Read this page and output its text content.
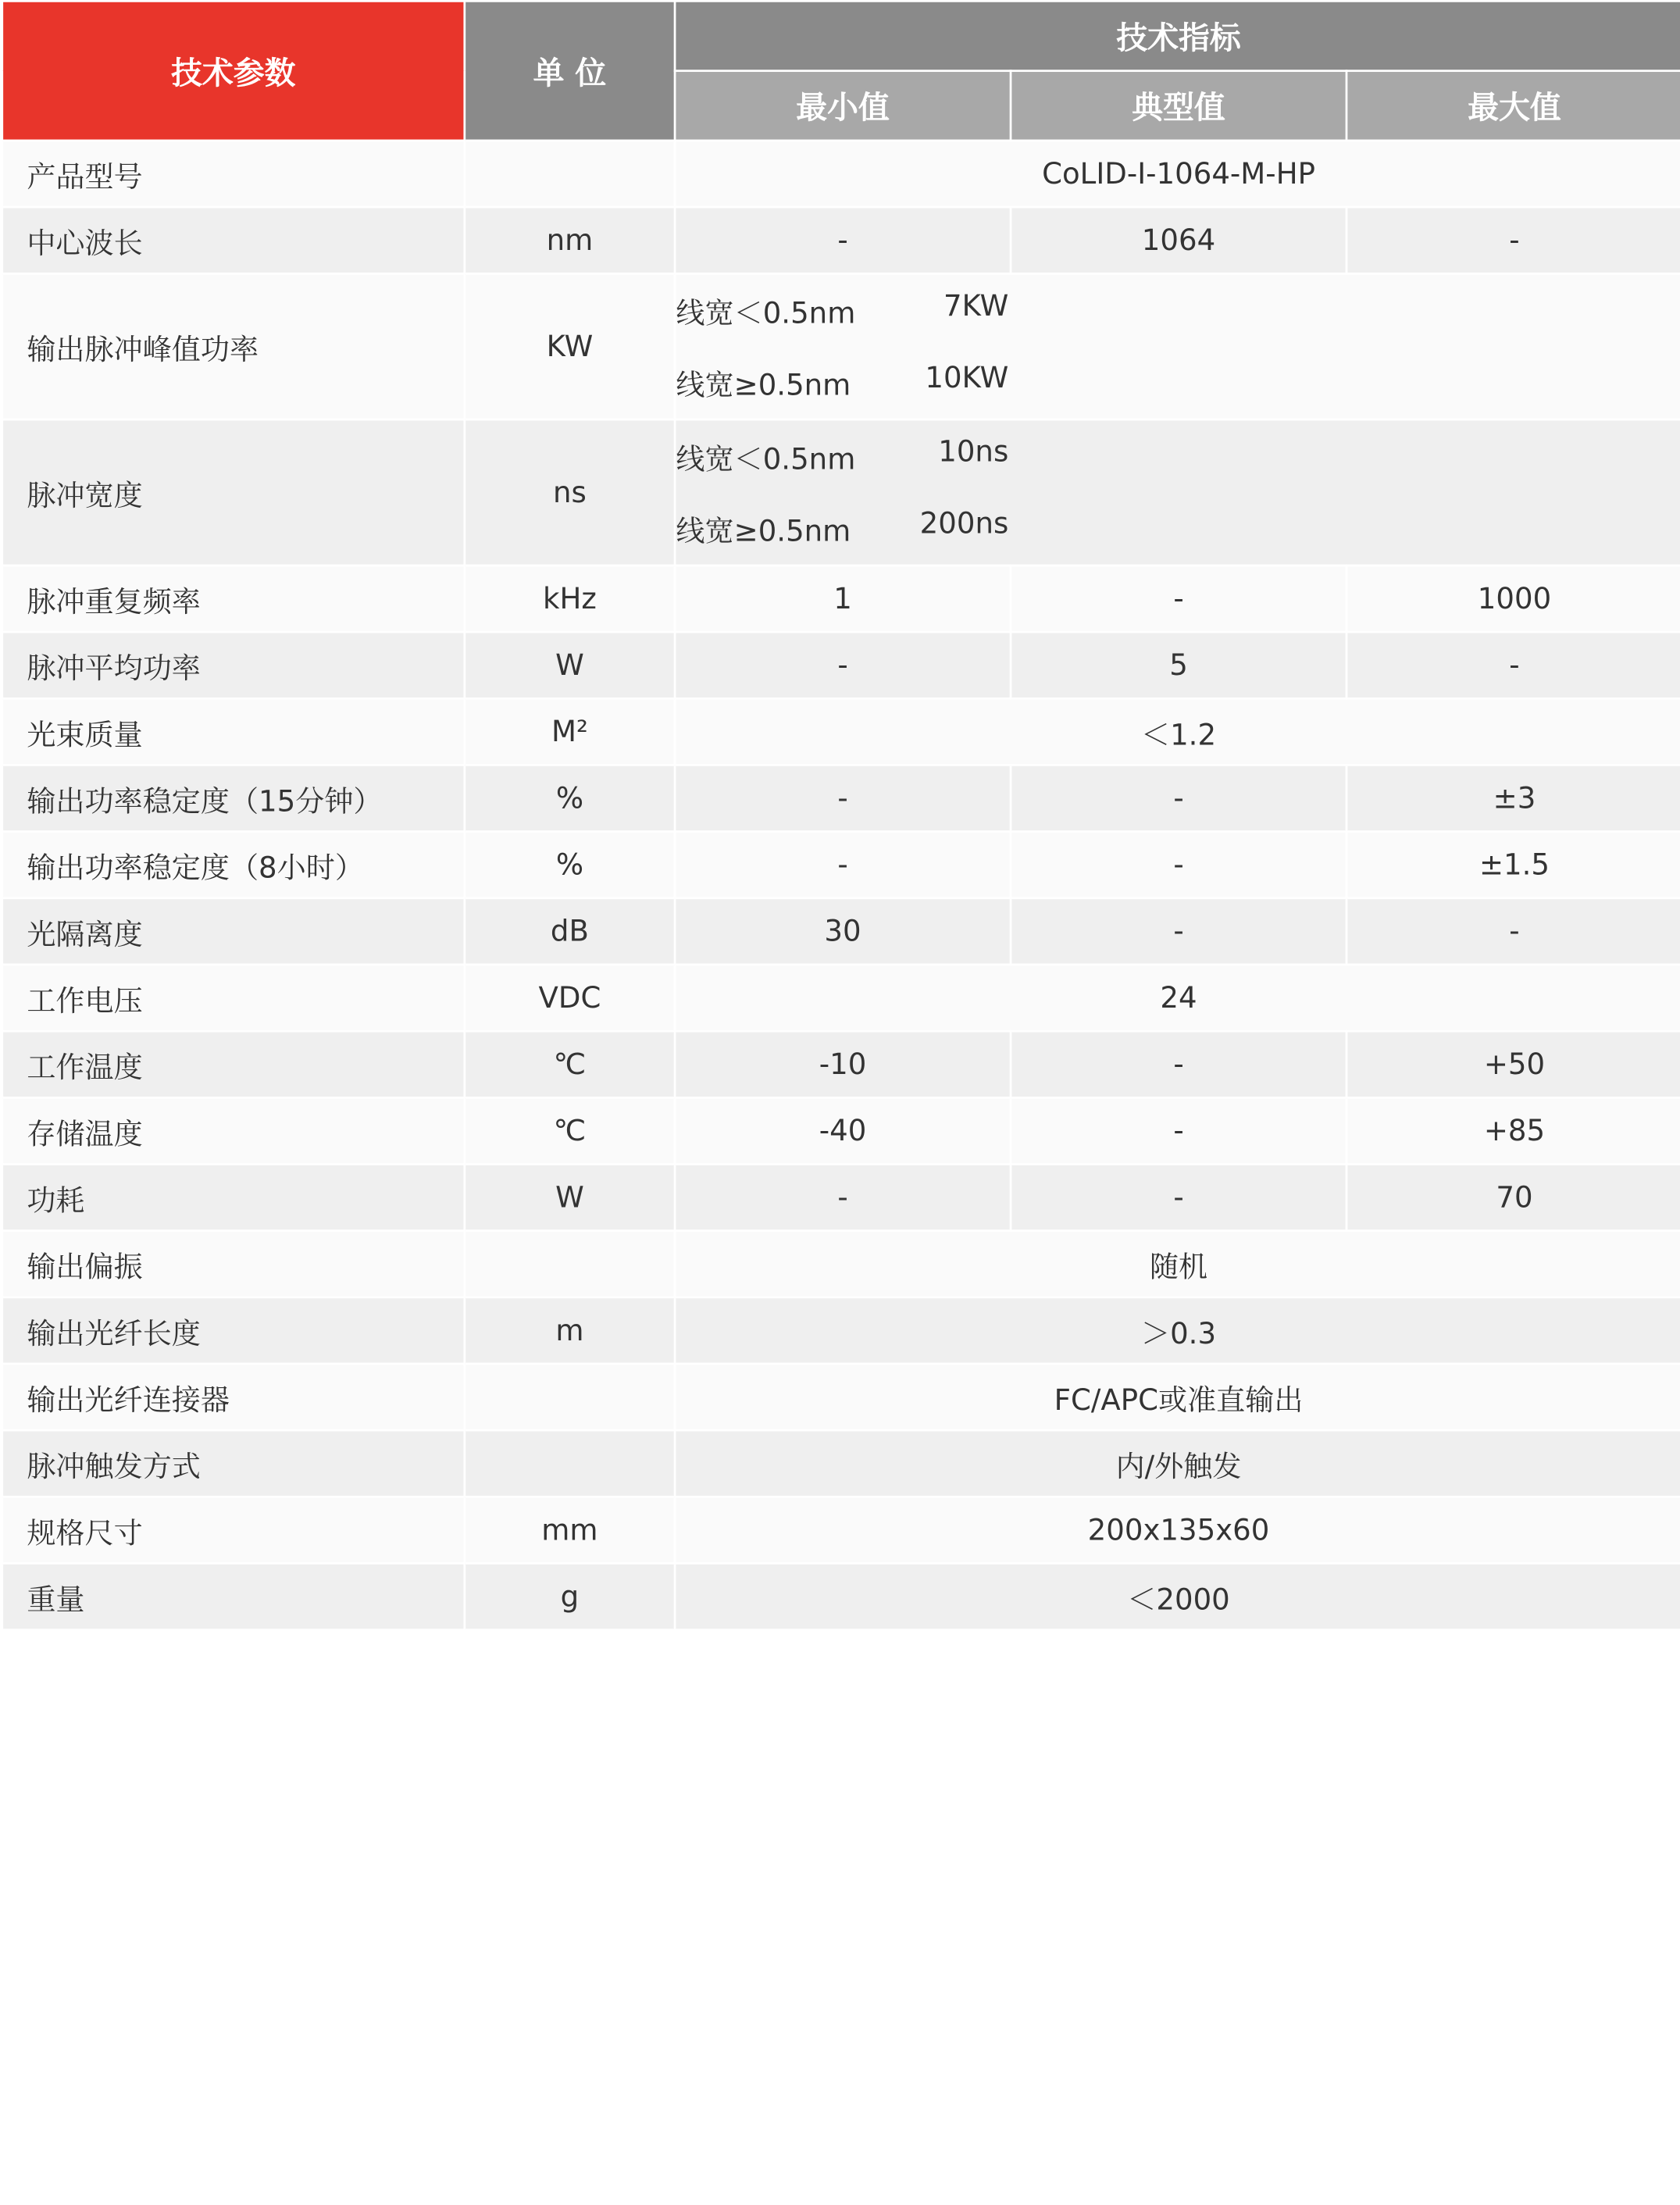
技术参数	单 位	技术指标		
		最小值	典型值	最大值
产品型号		CoLID-I-1064-M-HP		
中心波长	nm	-	1064	-
输出脉冲峰值功率	KW	线宽＜0.5nm 7KW
线宽≥0.5nm 10KW		

脉冲宽度	ns	线宽＜0.5nm 10ns
线宽≥0.5nm 200ns		

脉冲重复频率	kHz	1	-	1000
脉冲平均功率	W	-	5	-
光束质量	M²	＜1.2		
输出功率稳定度（15分钟）	%	-	-	±3
输出功率稳定度（8小时）	%	-	-	±1.5
光隔离度	dB	30	-	-
工作电压	VDC	24		
工作温度	℃	-10	-	+50
存储温度	℃	-40	-	+85
功耗	W	-	-	70
输出偏振		随机		
输出光纤长度	m	＞0.3		
输出光纤连接器		FC/APC或准直输出		
脉冲触发方式		内/外触发		
规格尺寸	mm	200x135x60		
重量	g	＜2000		
